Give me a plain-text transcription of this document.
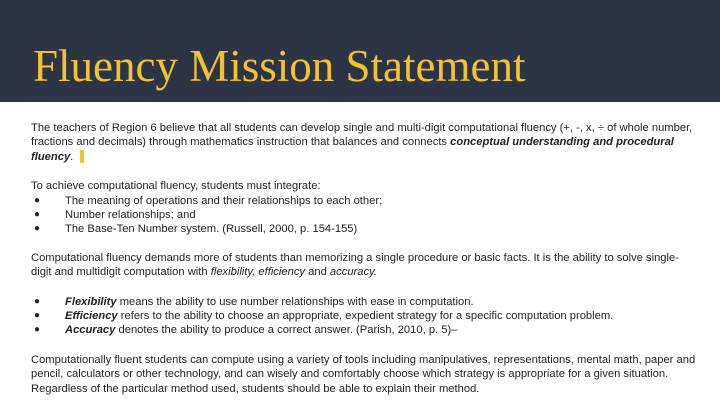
Fluency Mission Statement

The teachers of Region 6 believe that all students can develop single and multi-digit computational fluency (+, -, x, ÷ of whole number, fractions and decimals) through mathematics instruction that balances and connects conceptual understanding and procedural fluency.

To achieve computational fluency, students must integrate:

● The meaning of operations and their relationships to each other;
● Number relationships; and
● The Base-Ten Number system. (Russell, 2000, p. 154-155)

Computational fluency demands more of students than memorizing a single procedure or basic facts. It is the ability to solve single-digit and multidigit computation with flexibility, efficiency and accuracy.

● Flexibility means the ability to use number relationships with ease in computation.
● Efficiency refers to the ability to choose an appropriate, expedient strategy for a specific computation problem.
● Accuracy denotes the ability to produce a correct answer. (Parish, 2010, p. 5)–

Computationally fluent students can compute using a variety of tools including manipulatives, representations, mental math, paper and pencil, calculators or other technology, and can wisely and comfortably choose which strategy is appropriate for a given situation. Regardless of the particular method used, students should be able to explain their method.
